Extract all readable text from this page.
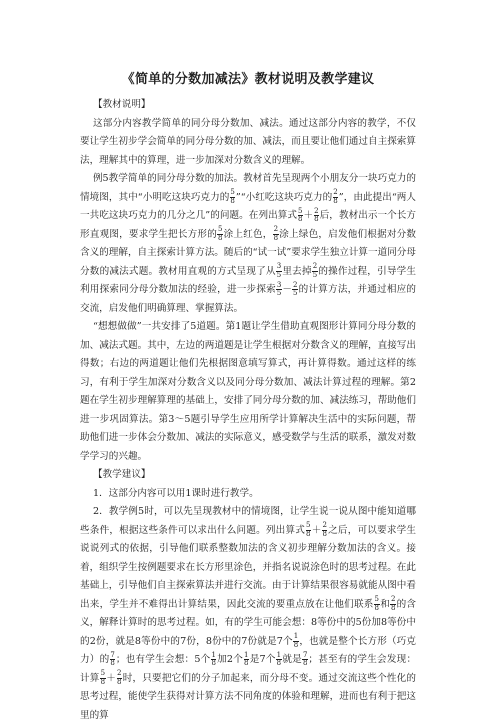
《简单的分数加减法》教材说明及教学建议

【教材说明】

这部分内容教学简单的同分母分数加、减法。通过这部分内容的教学，不仅要让学生初步学会简单的同分母分数的加、减法，而且要让他们通过自主探索算法，理解其中的算理，进一步加深对分数含义的理解。

例5教学简单的同分母分数的加法。教材首先呈现两个小朋友分一块巧克力的情境图，其中“小明吃这块巧克力的 $\frac{5}{8}$ ”“小红吃这块巧克力的 $\frac{2}{8}$ ”，由此提出“两人一共吃这块巧克力的几分之几”的问题。在列出算式 $\frac{5}{8} + \frac{2}{8}$ 后，教材出示一个长方形直观图，要求学生把长方形的 $\frac{5}{8}$ 涂上红色， $\frac{2}{8}$ 涂上绿色，启发他们根据对分数含义的理解，自主探索计算方法。随后的“试一试”要求学生独立计算一道同分母分数的减法式题。教材用直观的方式呈现了从 $\frac{3}{5}$ 里去掉 $\frac{2}{5}$ 的操作过程，引导学生利用探索同分母分数加法的经验，进一步探索 $\frac{3}{5} - \frac{2}{5}$ 的计算方法，并通过相应的交流，启发他们明确算理、掌握算法。

“想想做做”一共安排了5道题。第1题让学生借助直观图形计算同分母分数的加、减法式题。其中，左边的两道题是让学生根据对分数含义的理解，直接写出得数；右边的两道题让他们先根据图意填写算式，再计算得数。通过这样的练习，有利于学生加深对分数含义以及同分母分数加、减法计算过程的理解。第2题在学生初步理解算理的基础上，安排了同分母分数的加、减法练习，帮助他们进一步巩固算法。第3～5题引导学生应用所学计算解决生活中的实际问题，帮助他们进一步体会分数加、减法的实际意义，感受数学与生活的联系，激发对数学学习的兴趣。

【教学建议】

1．这部分内容可以用1课时进行教学。

2．教学例5时，可以先呈现教材中的情境图，让学生说一说从图中能知道哪些条件，根据这些条件可以求出什么问题。列出算式 $\frac{5}{8} + \frac{2}{8}$ 之后，可以要求学生说说列式的依据，引导他们联系整数加法的含义初步理解分数加法的含义。接着，组织学生按例题要求在长方形里涂色，并指名说说涂色时的思考过程。在此基础上，引导他们自主探索算法并进行交流。由于计算结果很容易就能从图中看出来，学生并不难得出计算结果，因此交流的要重点放在让他们联系 $\frac{5}{8}$ 和 $\frac{2}{8}$ 的含义，解释计算时的思考过程。如，有的学生可能会想：8等份中的5份加8等份中的2份，就是8等份中的7份，8份中的7份就是7个 $\frac{1}{8}$ ，也就是整个长方形（巧克力）的 $\frac{7}{8}$ ；也有学生会想：5个 $\frac{1}{8}$ 加2个 $\frac{1}{8}$ 是7个 $\frac{1}{8}$ 就是 $\frac{7}{8}$ ；甚至有的学生会发现：计算 $\frac{5}{8} + \frac{2}{8}$ 时，只要把它们的分子加起来，而分母不变。通过交流这些个性化的思考过程，能使学生获得对计算方法不同角度的体验和理解，进而也有利于把这里的算
